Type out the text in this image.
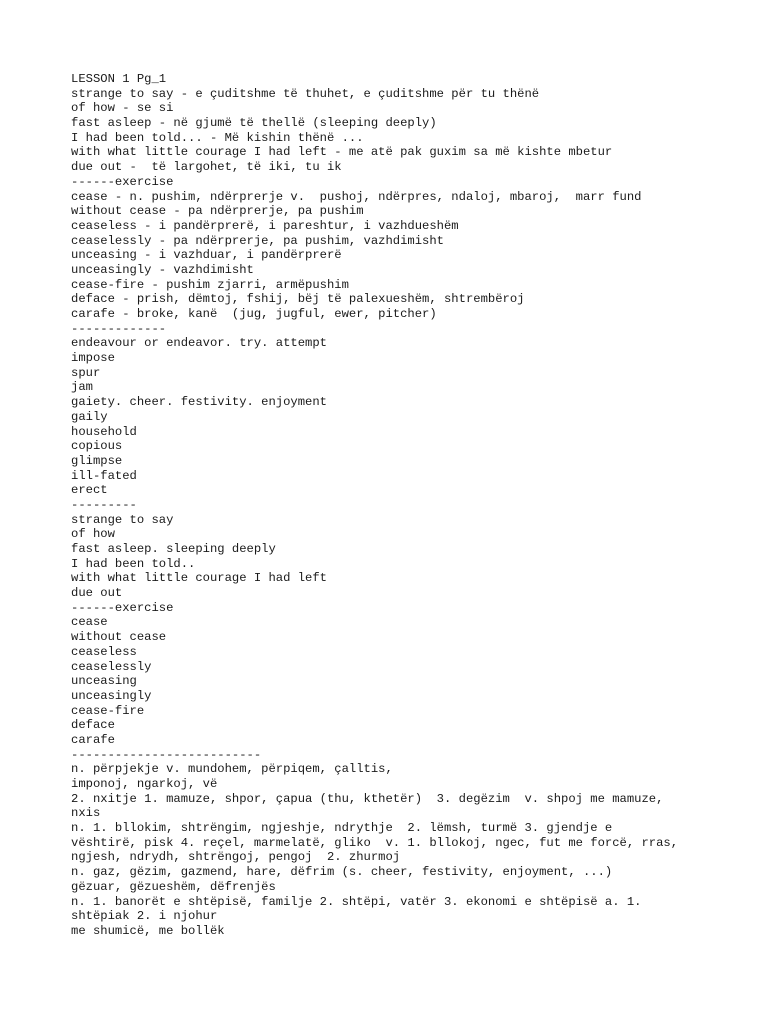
LESSON 1 Pg_1
strange to say - e çuditshme të thuhet, e çuditshme për tu thënë
of how - se si
fast asleep - në gjumë të thellë (sleeping deeply)
I had been told... - Më kishin thënë ...
with what little courage I had left - me atë pak guxim sa më kishte mbetur
due out -  të largohet, të iki, tu ik
------exercise
cease - n. pushim, ndërprerje v.  pushoj, ndërpres, ndaloj, mbaroj,  marr fund
without cease - pa ndërprerje, pa pushim
ceaseless - i pandërprerë, i pareshtur, i vazhdueshëm
ceaselessly - pa ndërprerje, pa pushim, vazhdimisht
unceasing - i vazhduar, i pandërprerë
unceasingly - vazhdimisht
cease-fire - pushim zjarri, armëpushim
deface - prish, dëmtoj, fshij, bëj të palexueshëm, shtrembëroj
carafe - broke, kanë  (jug, jugful, ewer, pitcher)
-------------
endeavour or endeavor. try. attempt
impose
spur
jam
gaiety. cheer. festivity. enjoyment
gaily
household
copious
glimpse
ill-fated
erect
---------
strange to say
of how
fast asleep. sleeping deeply
I had been told..
with what little courage I had left
due out
------exercise
cease
without cease
ceaseless
ceaselessly
unceasing
unceasingly
cease-fire
deface
carafe
--------------------------
n. përpjekje v. mundohem, përpiqem, çalltis,
imponoj, ngarkoj, vë
2. nxitje 1. mamuze, shpor, çapua (thu, kthetër)  3. degëzim  v. shpoj me mamuze,
nxis
n. 1. bllokim, shtrëngim, ngjeshje, ndrythje  2. lëmsh, turmë 3. gjendje e
vështirë, pisk 4. reçel, marmelatë, gliko  v. 1. bllokoj, ngec, fut me forcë, rras,
ngjesh, ndrydh, shtrëngoj, pengoj  2. zhurmoj
n. gaz, gëzim, gazmend, hare, dëfrim (s. cheer, festivity, enjoyment, ...)
gëzuar, gëzueshëm, dëfrenjës
n. 1. banorët e shtëpisë, familje 2. shtëpi, vatër 3. ekonomi e shtëpisë a. 1.
shtëpiak 2. i njohur
me shumicë, me bollëk
